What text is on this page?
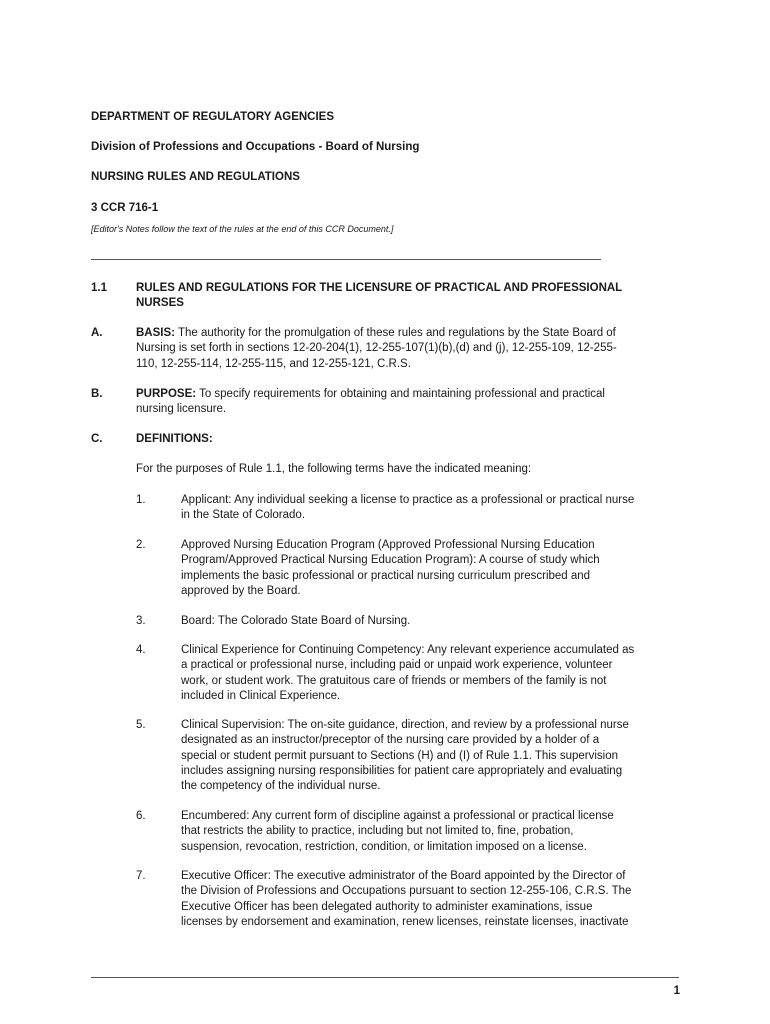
DEPARTMENT OF REGULATORY AGENCIES
Division of Professions and Occupations - Board of Nursing
NURSING RULES AND REGULATIONS
3 CCR 716-1
[Editor's Notes follow the text of the rules at the end of this CCR Document.]
1.1	RULES AND REGULATIONS FOR THE LICENSURE OF PRACTICAL AND PROFESSIONAL
NURSES
A.	BASIS: The authority for the promulgation of these rules and regulations by the State Board of
Nursing is set forth in sections 12-20-204(1), 12-255-107(1)(b),(d) and (j), 12-255-109, 12-255-
110, 12-255-114, 12-255-115, and 12-255-121, C.R.S.
B.	PURPOSE: To specify requirements for obtaining and maintaining professional and practical
nursing licensure.
C.	DEFINITIONS:
For the purposes of Rule 1.1, the following terms have the indicated meaning:
1.	Applicant: Any individual seeking a license to practice as a professional or practical nurse
in the State of Colorado.
2.	Approved Nursing Education Program (Approved Professional Nursing Education
Program/Approved Practical Nursing Education Program): A course of study which
implements the basic professional or practical nursing curriculum prescribed and
approved by the Board.
3.	Board: The Colorado State Board of Nursing.
4.	Clinical Experience for Continuing Competency: Any relevant experience accumulated as
a practical or professional nurse, including paid or unpaid work experience, volunteer
work, or student work. The gratuitous care of friends or members of the family is not
included in Clinical Experience.
5.	Clinical Supervision: The on-site guidance, direction, and review by a professional nurse
designated as an instructor/preceptor of the nursing care provided by a holder of a
special or student permit pursuant to Sections (H) and (I) of Rule 1.1. This supervision
includes assigning nursing responsibilities for patient care appropriately and evaluating
the competency of the individual nurse.
6.	Encumbered: Any current form of discipline against a professional or practical license
that restricts the ability to practice, including but not limited to, fine, probation,
suspension, revocation, restriction, condition, or limitation imposed on a license.
7.	Executive Officer: The executive administrator of the Board appointed by the Director of
the Division of Professions and Occupations pursuant to section 12-255-106, C.R.S. The
Executive Officer has been delegated authority to administer examinations, issue
licenses by endorsement and examination, renew licenses, reinstate licenses, inactivate
1
